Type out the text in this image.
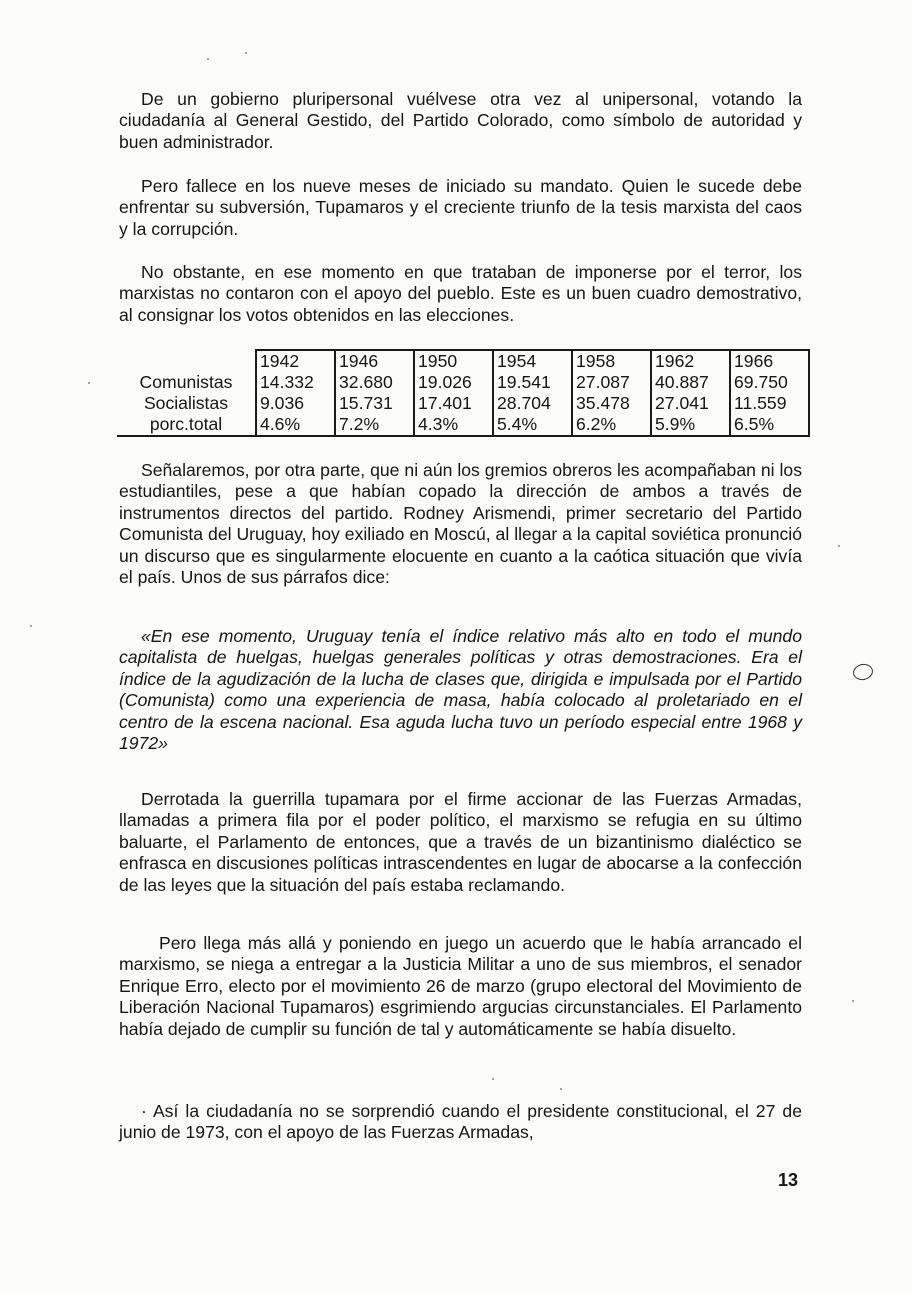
De un gobierno pluripersonal vuélvese otra vez al unipersonal, votando la ciudadanía al General Gestido, del Partido Colorado, como símbolo de autoridad y buen administrador.

Pero fallece en los nueve meses de iniciado su mandato. Quien le sucede debe enfrentar su subversión, Tupamaros y el creciente triunfo de la tesis marxista del caos y la corrupción.

No obstante, en ese momento en que trataban de imponerse por el terror, los marxistas no contaron con el apoyo del pueblo. Este es un buen cuadro demostrativo, al consignar los votos obtenidos en las elecciones.

	1942	1946	1950	1954	1958	1962	1966
Comunistas	14.332	32.680	19.026	19.541	27.087	40.887	69.750
Socialistas	9.036	15.731	17.401	28.704	35.478	27.041	11.559
porc.total	4.6%	7.2%	4.3%	5.4%	6.2%	5.9%	6.5%

Señalaremos, por otra parte, que ni aún los gremios obreros les acompañaban ni los estudiantiles, pese a que habían copado la dirección de ambos a través de instrumentos directos del partido. Rodney Arismendi, primer secretario del Partido Comunista del Uruguay, hoy exiliado en Moscú, al llegar a la capital soviética pronunció un discurso que es singularmente elocuente en cuanto a la caótica situación que vivía el país. Unos de sus párrafos dice:

«En ese momento, Uruguay tenía el índice relativo más alto en todo el mundo capitalista de huelgas, huelgas generales políticas y otras demostraciones. Era el índice de la agudización de la lucha de clases que, dirigida e impulsada por el Partido (Comunista) como una experiencia de masa, había colocado al proletariado en el centro de la escena nacional. Esa aguda lucha tuvo un período especial entre 1968 y 1972»

Derrotada la guerrilla tupamara por el firme accionar de las Fuerzas Armadas, llamadas a primera fila por el poder político, el marxismo se refugia en su último baluarte, el Parlamento de entonces, que a través de un bizantinismo dialéctico se enfrasca en discusiones políticas intrascendentes en lugar de abocarse a la confección de las leyes que la situación del país estaba reclamando.

Pero llega más allá y poniendo en juego un acuerdo que le había arrancado el marxismo, se niega a entregar a la Justicia Militar a uno de sus miembros, el senador Enrique Erro, electo por el movimiento 26 de marzo (grupo electoral del Movimiento de Liberación Nacional Tupamaros) esgrimiendo argucias circunstanciales. El Parlamento había dejado de cumplir su función de tal y automáticamente se había disuelto.

· Así la ciudadanía no se sorprendió cuando el presidente constitucional, el 27 de junio de 1973, con el apoyo de las Fuerzas Armadas,

13
